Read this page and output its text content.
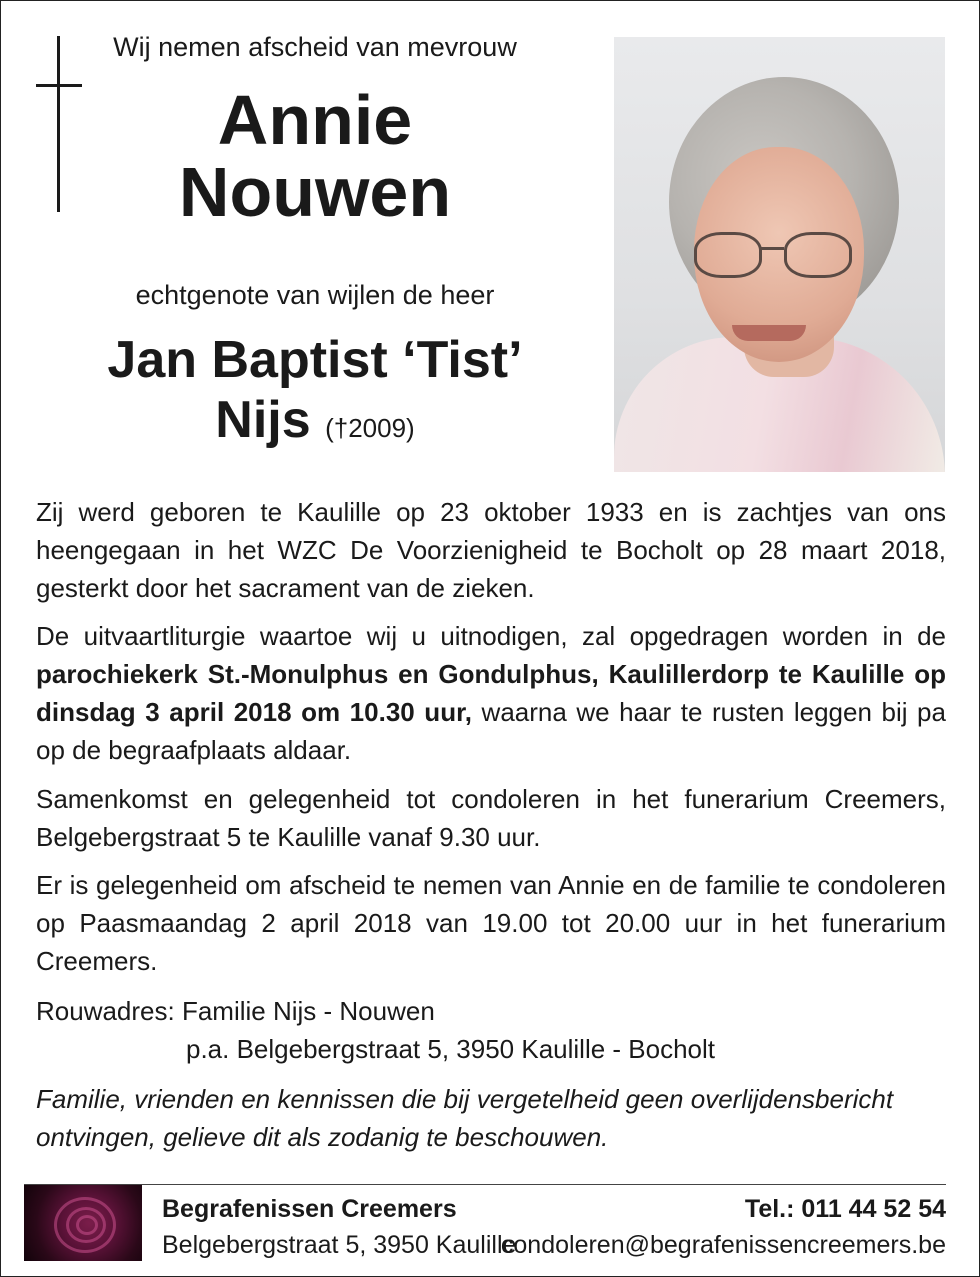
Wij nemen afscheid van mevrouw
Annie
Nouwen
echtgenote van wijlen de heer
Jan Baptist ‘Tist’
Nijs (†2009)
Zij werd geboren te Kaulille op 23 oktober 1933 en is zachtjes van ons heengegaan in het WZC De Voorzienigheid te Bocholt op 28 maart 2018, gesterkt door het sacrament van de zieken.
De uitvaartliturgie waartoe wij u uitnodigen, zal opgedragen worden in de parochiekerk St.-Monulphus en Gondulphus, Kaulillerdorp te Kaulille op dinsdag 3 april 2018 om 10.30 uur, waarna we haar te rusten leggen bij pa op de begraafplaats aldaar.
Samenkomst en gelegenheid tot condoleren in het funerarium Creemers, Belgebergstraat 5 te Kaulille vanaf 9.30 uur.
Er is gelegenheid om afscheid te nemen van Annie en de familie te condoleren op Paasmaandag 2 april 2018 van 19.00 tot 20.00 uur in het funerarium Creemers.
Rouwadres: Familie Nijs - Nouwen
p.a. Belgebergstraat 5, 3950 Kaulille - Bocholt
Familie, vrienden en kennissen die bij vergetelheid geen overlijdensbericht ontvingen, gelieve dit als zodanig te beschouwen.
Begrafenissen Creemers
Belgebergstraat 5, 3950 Kaulille
Tel.: 011 44 52 54
condoleren@begrafenissencreemers.be
